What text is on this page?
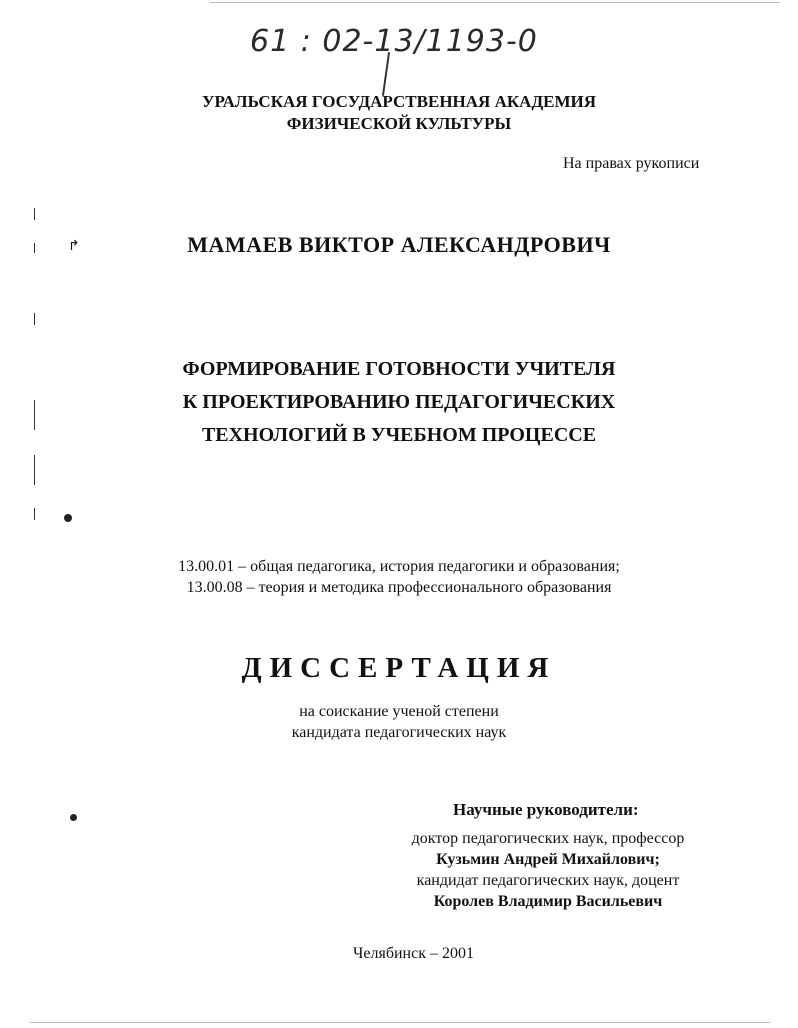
61 : 02-13/1193-0
УРАЛЬСКАЯ ГОСУДАРСТВЕННАЯ АКАДЕМИЯ
ФИЗИЧЕСКОЙ КУЛЬТУРЫ
На правах рукописи
↱	МАМАЕВ ВИКТОР АЛЕКСАНДРОВИЧ
ФОРМИРОВАНИЕ ГОТОВНОСТИ УЧИТЕЛЯ
К ПРОЕКТИРОВАНИЮ ПЕДАГОГИЧЕСКИХ
ТЕХНОЛОГИЙ В УЧЕБНОМ ПРОЦЕССЕ
13.00.01 – общая педагогика, история педагогики и образования;
13.00.08 – теория и методика профессионального образования
ДИССЕРТАЦИЯ
на соискание ученой степени
кандидата педагогических наук
Научные руководители:
доктор педагогических наук, профессор
Кузьмин Андрей Михайлович;
кандидат педагогических наук, доцент
Королев Владимир Васильевич
Челябинск – 2001
